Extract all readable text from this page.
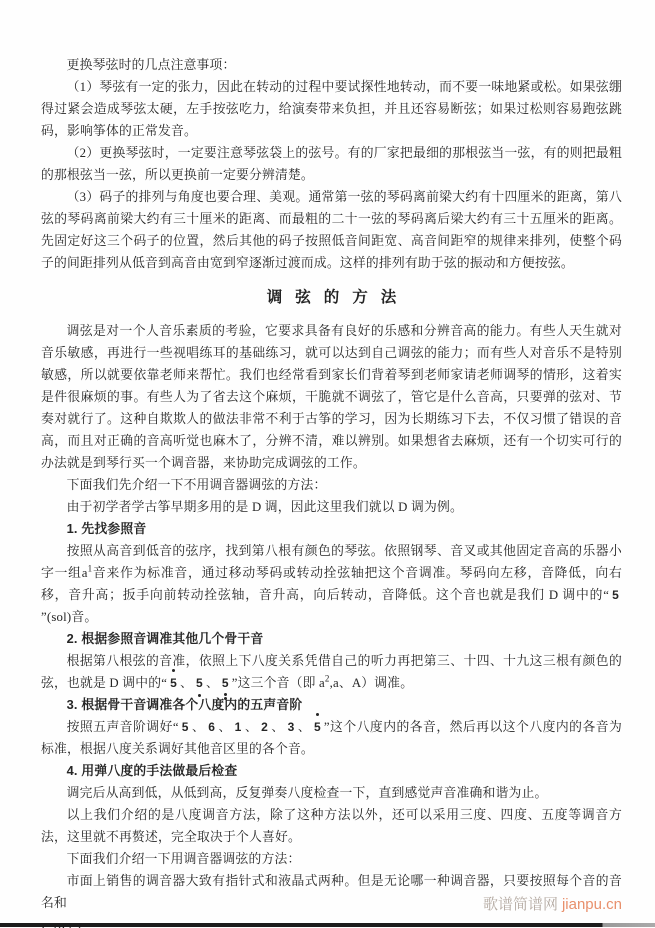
更换琴弦时的几点注意事项：

（1）琴弦有一定的张力，因此在转动的过程中要试探性地转动，而不要一味地紧或松。如果弦绷得过紧会造成琴弦太硬，左手按弦吃力，给演奏带来负担，并且还容易断弦；如果过松则容易跑弦跳码，影响筝体的正常发音。

（2）更换琴弦时，一定要注意琴弦袋上的弦号。有的厂家把最细的那根弦当一弦，有的则把最粗的那根弦当一弦，所以更换前一定要分辨清楚。

（3）码子的排列与角度也要合理、美观。通常第一弦的琴码离前梁大约有十四厘米的距离，第八弦的琴码离前梁大约有三十厘米的距离、而最粗的二十一弦的琴码离后梁大约有三十五厘米的距离。先固定好这三个码子的位置，然后其他的码子按照低音间距宽、高音间距窄的规律来排列，使整个码子的间距排列从低音到高音由宽到窄逐渐过渡而成。这样的排列有助于弦的振动和方便按弦。

调弦的方法

调弦是对一个人音乐素质的考验，它要求具备有良好的乐感和分辨音高的能力。有些人天生就对音乐敏感，再进行一些视唱练耳的基础练习，就可以达到自己调弦的能力；而有些人对音乐不是特别敏感，所以就要依靠老师来帮忙。我们也经常看到家长们背着琴到老师家请老师调琴的情形，这着实是件很麻烦的事。有些人为了省去这个麻烦，干脆就不调弦了，管它是什么音高，只要弹的弦对、节奏对就行了。这种自欺欺人的做法非常不利于古筝的学习，因为长期练习下去，不仅习惯了错误的音高，而且对正确的音高听觉也麻木了，分辨不清，难以辨别。如果想省去麻烦，还有一个切实可行的办法就是到琴行买一个调音器，来协助完成调弦的工作。

下面我们先介绍一下不用调音器调弦的方法：

由于初学者学古筝早期多用的是 D 调，因此这里我们就以 D 调为例。

1. 先找参照音

按照从高音到低音的弦序，找到第八根有颜色的琴弦。依照钢琴、音叉或其他固定音高的乐器小字一组$a^1$音来作为标准音，通过移动琴码或转动拴弦轴把这个音调准。琴码向左移，音降低，向右移，音升高；扳手向前转动拴弦轴，音升高，向后转动，音降低。这个音也就是我们 D 调中的“ 5”(sol)音。

2. 根据参照音调准其他几个骨干音

根据第八根弦的音准，依照上下八度关系凭借自己的听力再把第三、十四、十九这三根有颜色的弦，也就是 D 调中的“ 5 、 5 、 5 ”这三个音（即 $a^2,a$、A）调准。

3. 根据骨干音调准各个八度内的五声音阶

按照五声音阶调好“ 5 、 6 、 1 、 2 、 3 、 5 ”这个八度内的各音，然后再以这个八度内的各音为标准，根据八度关系调好其他音区里的各个音。

4. 用弹八度的手法做最后检查

调完后从高到低，从低到高，反复弹奏八度检查一下，直到感觉声音准确和谐为止。

以上我们介绍的是八度调音方法，除了这种方法以外，还可以采用三度、四度、五度等调音方法，这里就不再赘述，完全取决于个人喜好。

下面我们介绍一下用调音器调弦的方法：

市面上销售的调音器大致有指针式和液晶式两种。但是无论哪一种调音器，只要按照每个音的音名和	歌谱简谱网 jianpu.cn
